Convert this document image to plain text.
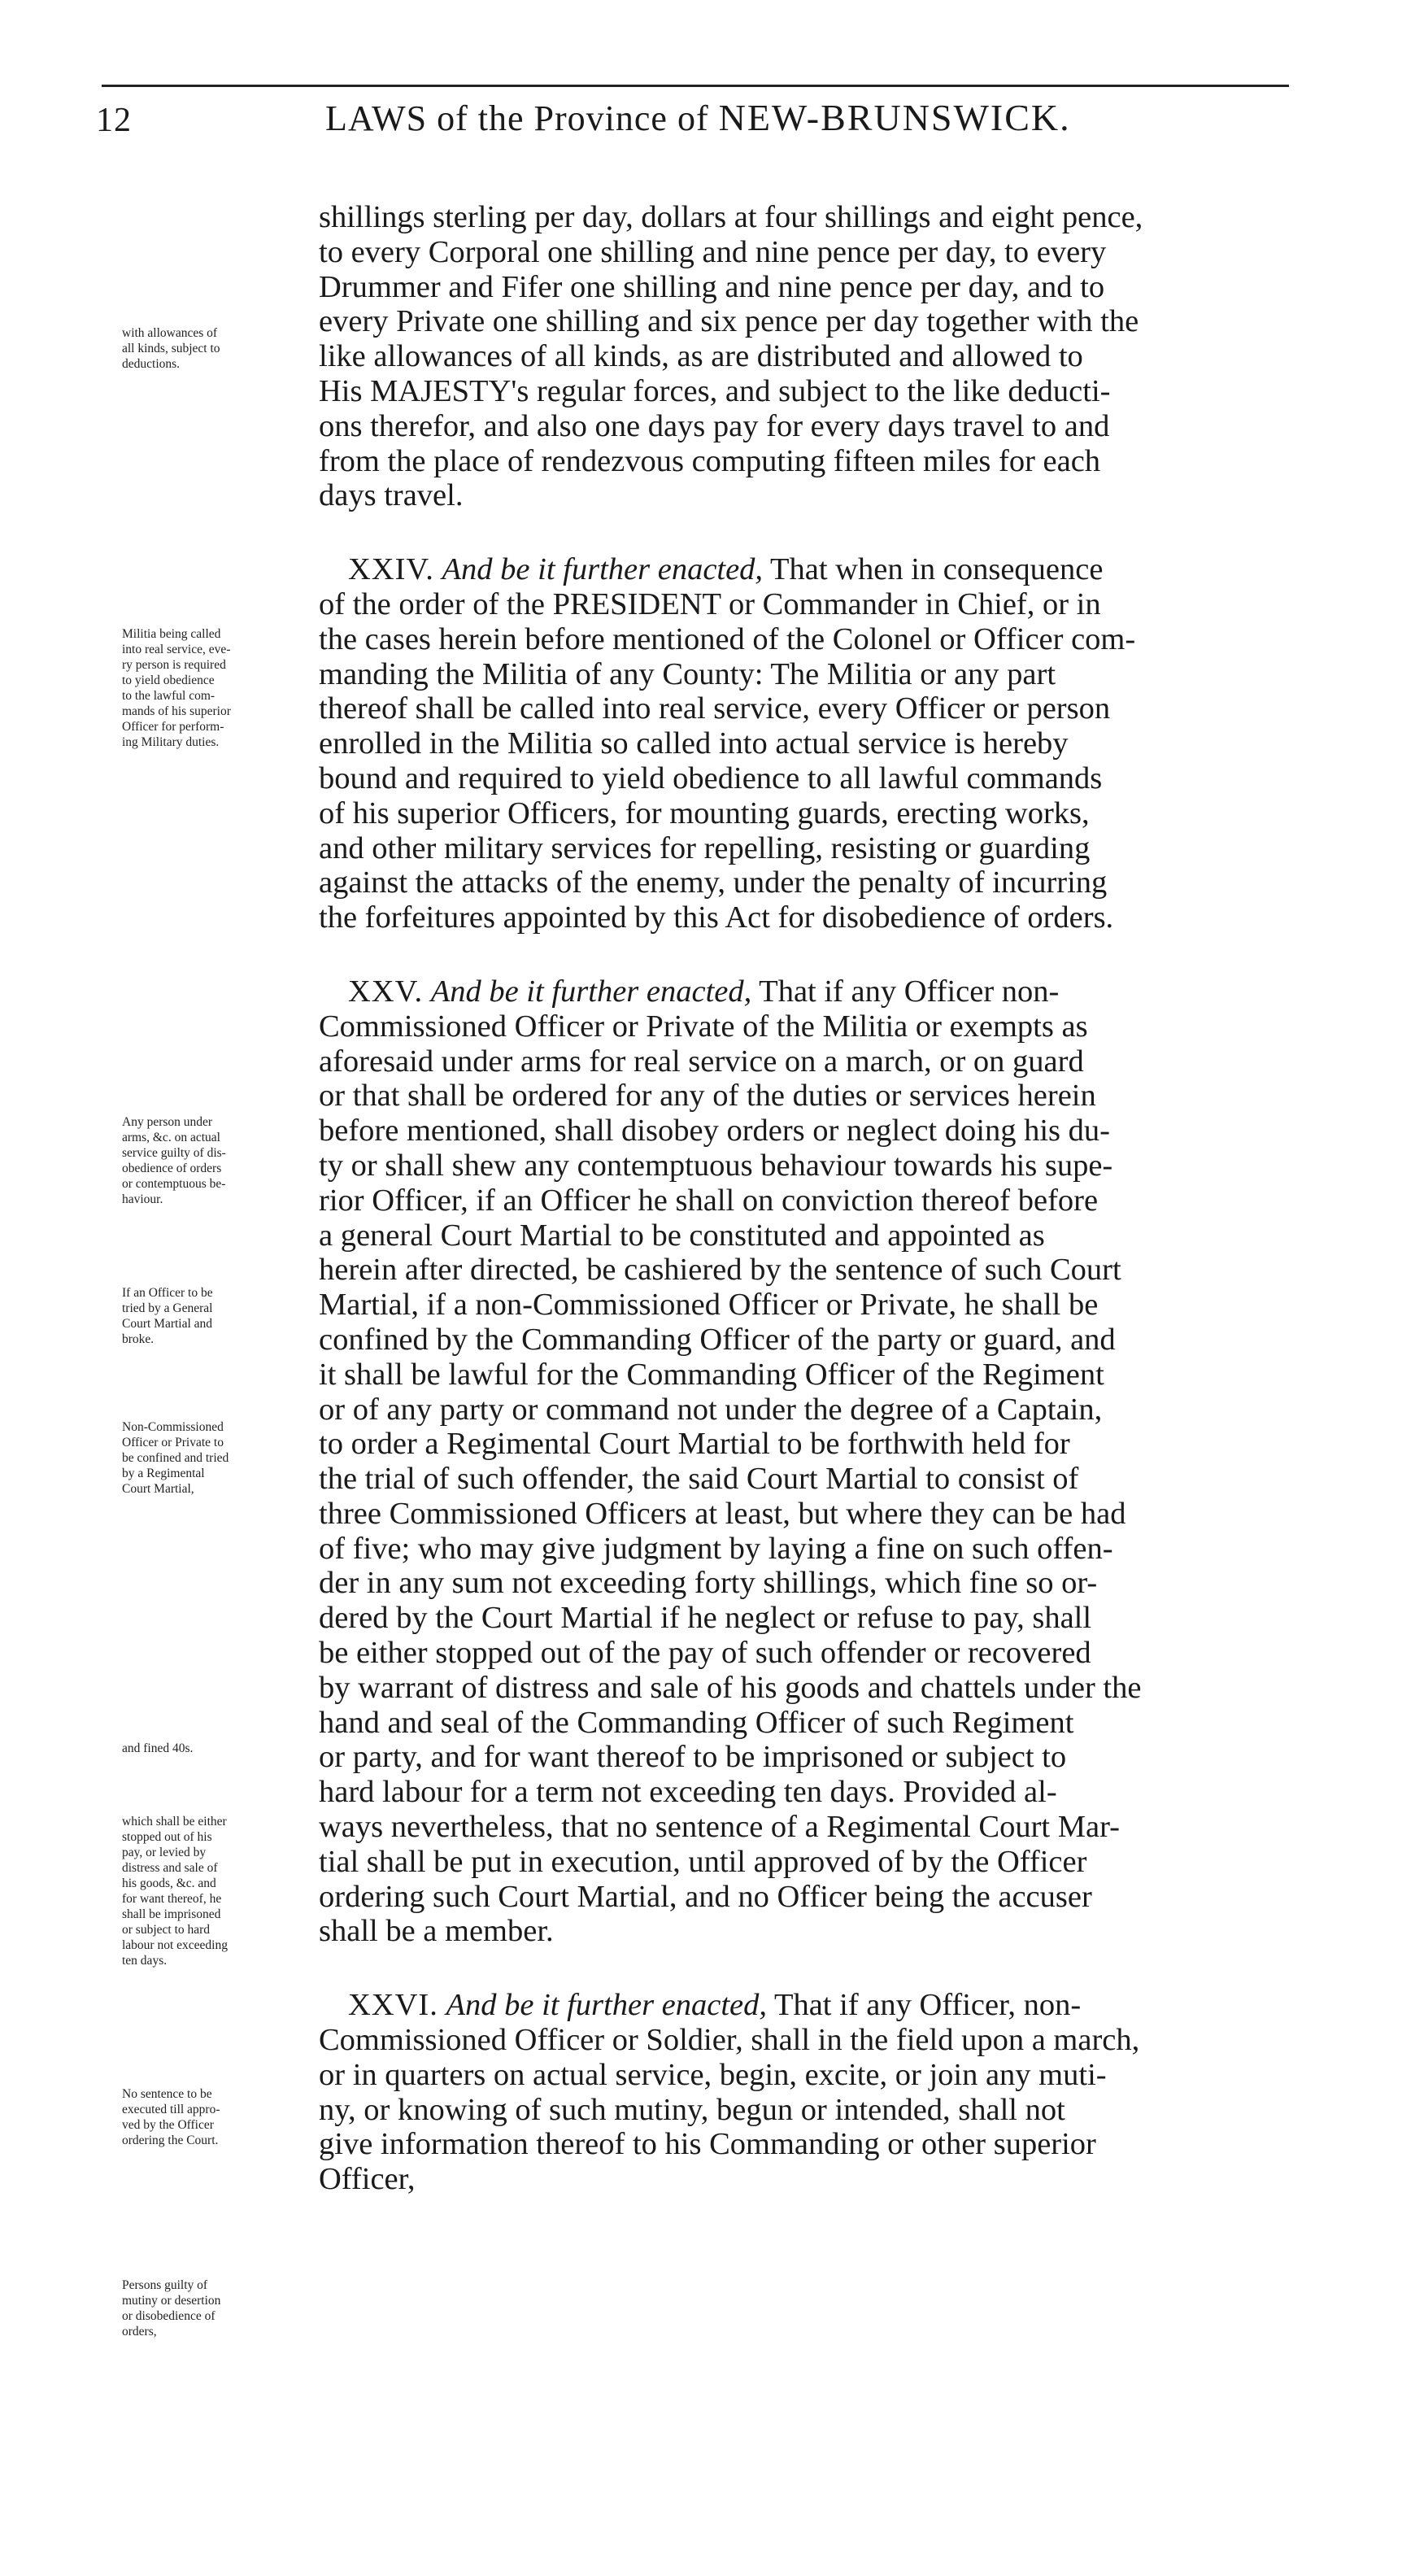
12	LAWS of the Province of NEW-BRUNSWICK.

shillings sterling per day, dollars at four shillings and eight pence,
to every Corporal one shilling and nine pence per day, to every
Drummer and Fifer one shilling and nine pence per day, and to
every Private one shilling and six pence per day together with the
like allowances of all kinds, as are distributed and allowed to
His MAJESTY's regular forces, and subject to the like deducti-
ons therefor, and also one days pay for every days travel to and
from the place of rendezvous computing fifteen miles for each
days travel.

XXIV. And be it further enacted, That when in consequence
of the order of the PRESIDENT or Commander in Chief, or in
the cases herein before mentioned of the Colonel or Officer com-
manding the Militia of any County: The Militia or any part
thereof shall be called into real service, every Officer or person
enrolled in the Militia so called into actual service is hereby
bound and required to yield obedience to all lawful commands
of his superior Officers, for mounting guards, erecting works,
and other military services for repelling, resisting or guarding
against the attacks of the enemy, under the penalty of incurring
the forfeitures appointed by this Act for disobedience of orders.

XXV. And be it further enacted, That if any Officer non-
Commissioned Officer or Private of the Militia or exempts as
aforesaid under arms for real service on a march, or on guard
or that shall be ordered for any of the duties or services herein
before mentioned, shall disobey orders or neglect doing his du-
ty or shall shew any contemptuous behaviour towards his supe-
rior Officer, if an Officer he shall on conviction thereof before
a general Court Martial to be constituted and appointed as
herein after directed, be cashiered by the sentence of such Court
Martial, if a non-Commissioned Officer or Private, he shall be
confined by the Commanding Officer of the party or guard, and
it shall be lawful for the Commanding Officer of the Regiment
or of any party or command not under the degree of a Captain,
to order a Regimental Court Martial to be forthwith held for
the trial of such offender, the said Court Martial to consist of
three Commissioned Officers at least, but where they can be had
of five; who may give judgment by laying a fine on such offen-
der in any sum not exceeding forty shillings, which fine so or-
dered by the Court Martial if he neglect or refuse to pay, shall
be either stopped out of the pay of such offender or recovered
by warrant of distress and sale of his goods and chattels under the
hand and seal of the Commanding Officer of such Regiment
or party, and for want thereof to be imprisoned or subject to
hard labour for a term not exceeding ten days. Provided al-
ways nevertheless, that no sentence of a Regimental Court Mar-
tial shall be put in execution, until approved of by the Officer
ordering such Court Martial, and no Officer being the accuser
shall be a member.

XXVI. And be it further enacted, That if any Officer, non-
Commissioned Officer or Soldier, shall in the field upon a march,
or in quarters on actual service, begin, excite, or join any muti-
ny, or knowing of such mutiny, begun or intended, shall not
give information thereof to his Commanding or other superior
Officer,

with allowances of
all kinds, subject to
deductions.
Militia being called
into real service, eve-
ry person is required
to yield obedience
to the lawful com-
mands of his superior
Officer for perform-
ing Military duties.
Any person under
arms, &c. on actual
service guilty of dis-
obedience of orders
or contemptuous be-
haviour.
If an Officer to be
tried by a General
Court Martial and
broke.
Non-Commissioned
Officer or Private to
be confined and tried
by a Regimental
Court Martial,
and fined 40s.
which shall be either
stopped out of his
pay, or levied by
distress and sale of
his goods, &c. and
for want thereof, he
shall be imprisoned
or subject to hard
labour not exceeding
ten days.
No sentence to be
executed till appro-
ved by the Officer
ordering the Court.
Persons guilty of
mutiny or desertion
or disobedience of
orders,
